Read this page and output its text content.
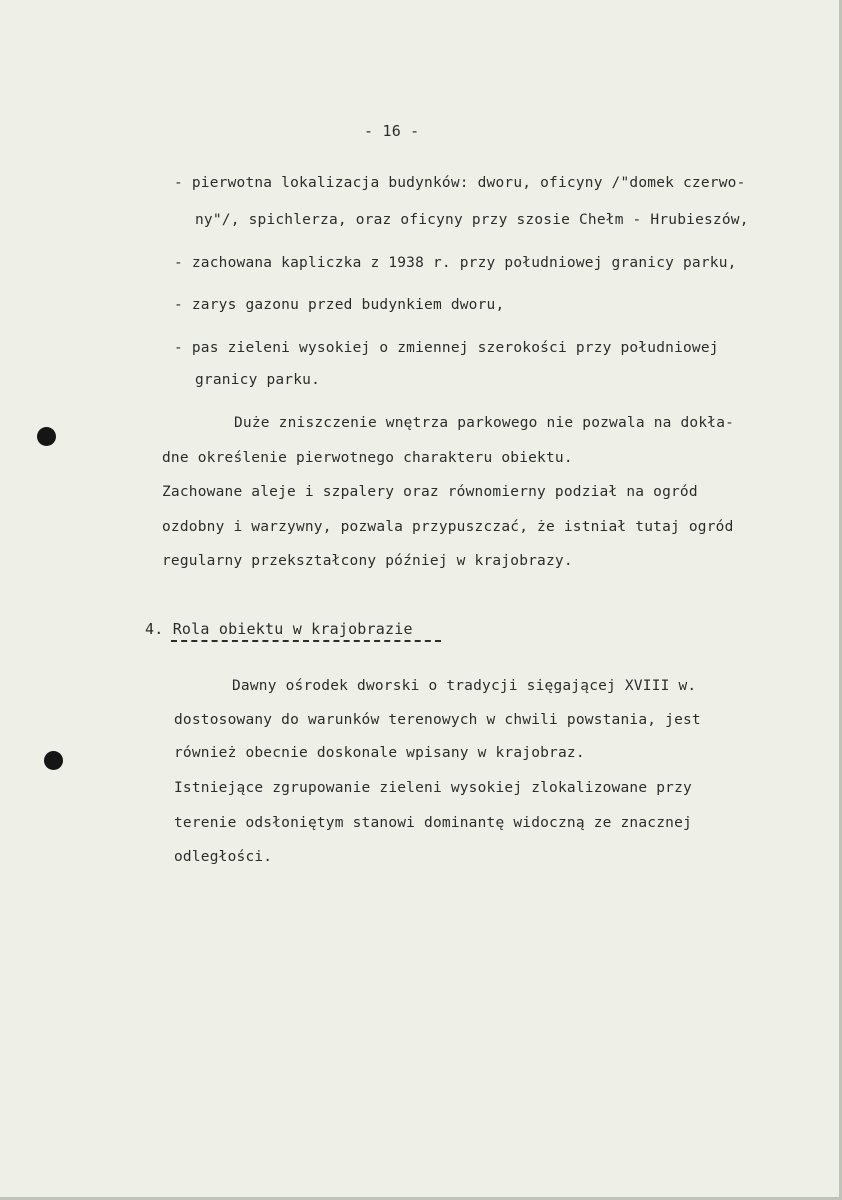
- 16 -
- pierwotna lokalizacja budynków: dworu, oficyny /"domek czerwo-
ny"/, spichlerza, oraz oficyny przy szosie Chełm - Hrubieszów,
- zachowana kapliczka z 1938 r. przy południowej granicy parku,
- zarys gazonu przed budynkiem dworu,
- pas zieleni wysokiej o zmiennej szerokości przy południowej
granicy parku.
Duże zniszczenie wnętrza parkowego nie pozwala na dokła-
dne określenie pierwotnego charakteru obiektu.
Zachowane aleje i szpalery oraz równomierny podział na ogród
ozdobny i warzywny, pozwala przypuszczać, że istniał tutaj ogród
regularny przekształcony później w krajobrazy.
4. Rola obiektu w krajobrazie
Dawny ośrodek dworski o tradycji sięgającej XVIII w.
dostosowany do warunków terenowych w chwili powstania, jest
również obecnie doskonale wpisany w krajobraz.
Istniejące zgrupowanie zieleni wysokiej zlokalizowane przy
terenie odsłoniętym stanowi dominantę widoczną ze znacznej
odległości.
